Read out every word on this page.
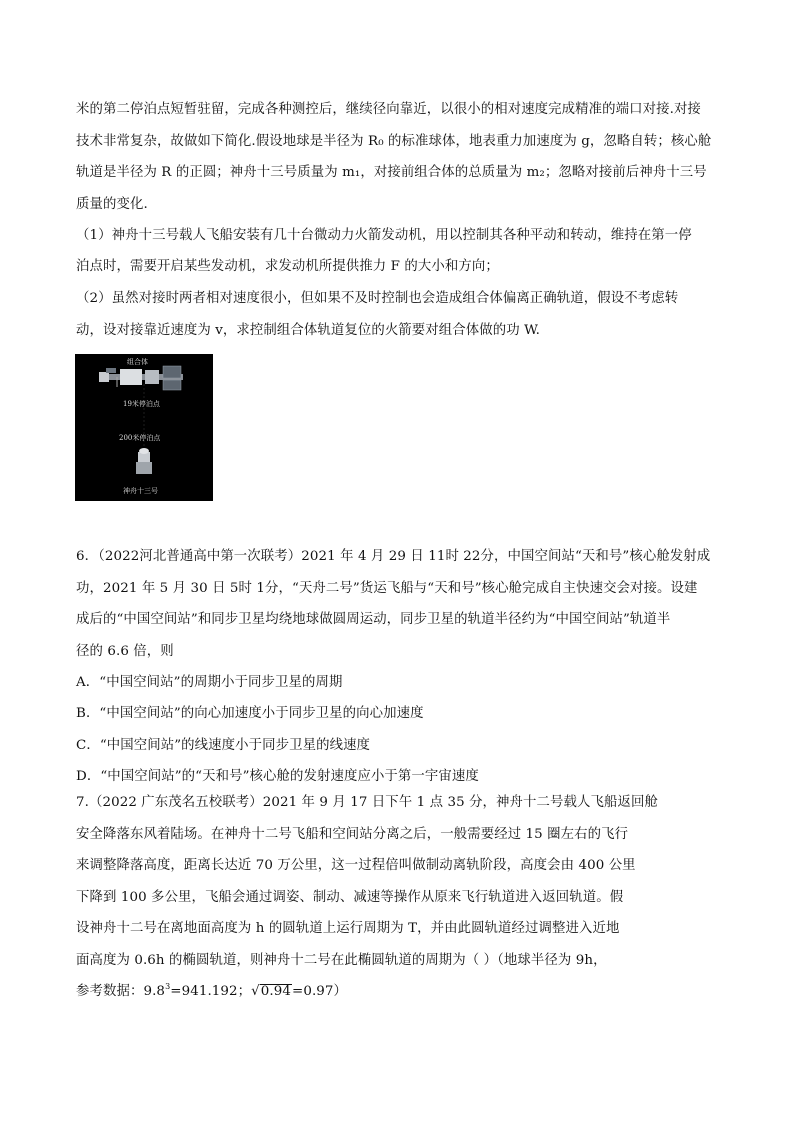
米的第二停泊点短暂驻留，完成各种测控后，继续径向靠近，以很小的相对速度完成精准的端口对接.对接
技术非常复杂，故做如下简化.假设地球是半径为 R₀ 的标准球体，地表重力加速度为 g，忽略自转；核心舱
轨道是半径为 R 的正圆；神舟十三号质量为 m₁，对接前组合体的总质量为 m₂；忽略对接前后神舟十三号
质量的变化.
（1）神舟十三号载人飞船安装有几十台微动力火箭发动机，用以控制其各种平动和转动，维持在第一停
泊点时，需要开启某些发动机，求发动机所提供推力 F 的大小和方向；
（2）虽然对接时两者相对速度很小，但如果不及时控制也会造成组合体偏离正确轨道，假设不考虑转
动，设对接靠近速度为 v，求控制组合体轨道复位的火箭要对组合体做的功 W.
组合体
19米停泊点
200米停泊点
神舟十三号
6．（2022河北普通高中第一次联考）2021 年 4 月 29 日 11时 22分，中国空间站“天和号”核心舱发射成
功，2021 年 5 月 30 日 5时 1分，“天舟二号”货运飞船与“天和号”核心舱完成自主快速交会对接。设建
成后的“中国空间站”和同步卫星均绕地球做圆周运动，同步卫星的轨道半径约为“中国空间站”轨道半
径的 6.6 倍，则
A．“中国空间站”的周期小于同步卫星的周期
B．“中国空间站”的向心加速度小于同步卫星的向心加速度
C．“中国空间站”的线速度小于同步卫星的线速度
D．“中国空间站”的“天和号”核心舱的发射速度应小于第一宇宙速度
7.（2022 广东茂名五校联考）2021 年 9 月 17 日下午 1 点 35 分，神舟十二号载人飞船返回舱
安全降落东风着陆场。在神舟十二号飞船和空间站分离之后，一般需要经过 15 圈左右的飞行
来调整降落高度，距离长达近 70 万公里，这一过程倍叫做制动离轨阶段，高度会由 400 公里
下降到 100 多公里，飞船会通过调姿、制动、减速等操作从原来飞行轨道进入返回轨道。假
设神舟十二号在离地面高度为 h 的圆轨道上运行周期为 T，并由此圆轨道经过调整进入近地
面高度为 0.6h 的椭圆轨道，则神舟十二号在此椭圆轨道的周期为（ ）（地球半径为 9h，
参考数据：$9.8^3=941.192$；√0.94=0.97）
